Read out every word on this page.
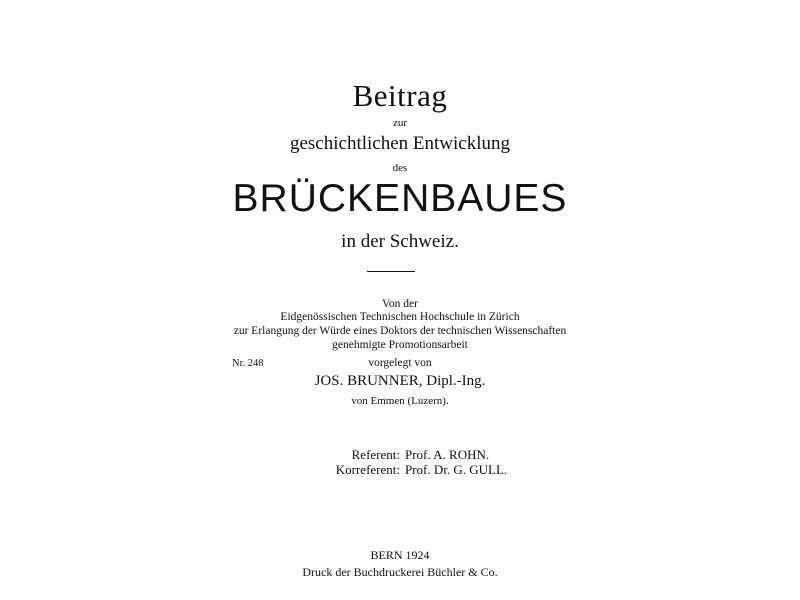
Beitrag
zur
geschichtlichen Entwicklung
des
BRÜCKENBAUES
in der Schweiz.
Von der
Eidgenössischen Technischen Hochschule in Zürich
zur Erlangung der Würde eines Doktors der technischen Wissenschaften
genehmigte Promotionsarbeit
Nr. 248	vorgelegt von
JOS. BRUNNER, Dipl.-Ing.
von Emmen (Luzern).
Referent: Prof. A. ROHN.
Korreferent: Prof. Dr. G. GULL.
BERN 1924
Druck der Buchdruckerei Büchler & Co.
